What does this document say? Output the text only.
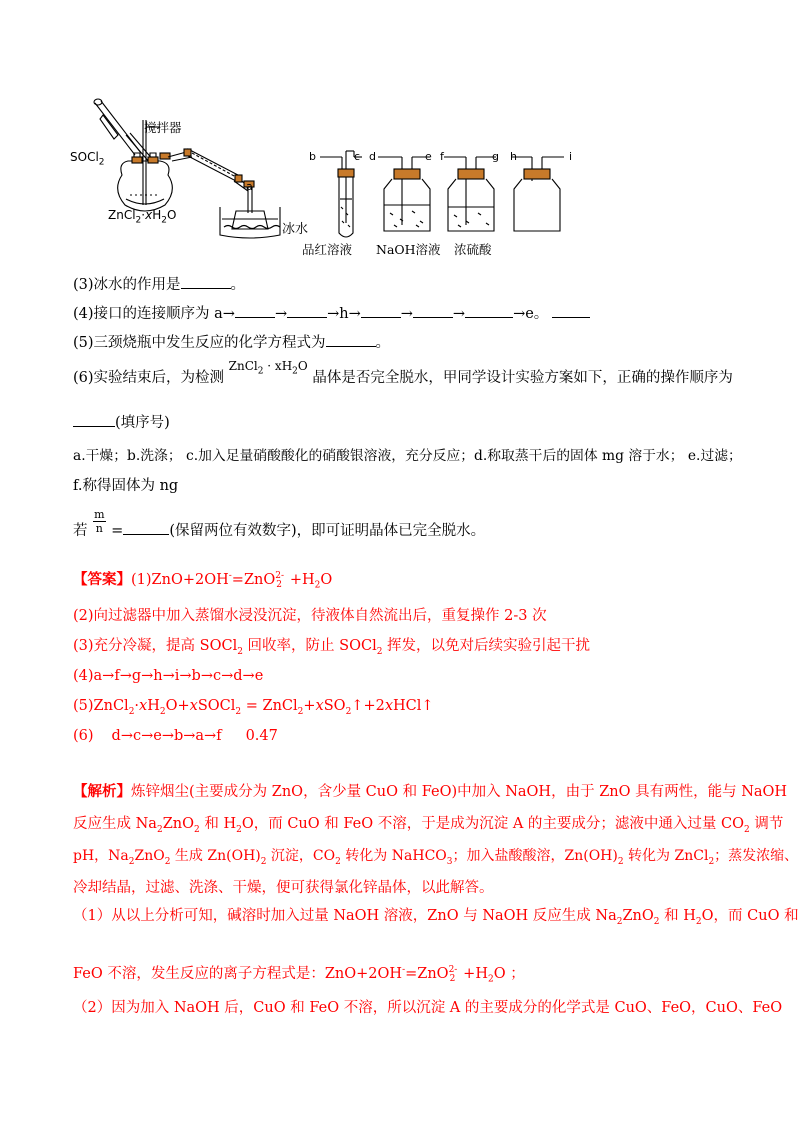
搅拌器
SOCl$_2$
$ZnCl_2\cdot xH_2O$
冰水
a
b	c d	e f	g h	i
品红溶液 NaOH溶液 浓硫酸
(3)冰水的作用是	。
(4)接口的连接顺序为 a→	→	→h→	→	→	→e。
(5)三颈烧瓶中发生反应的化学方程式为	。
(6)实验结束后，为检测 $^{ZnCl_2 \cdot xH_2O}$ 晶体是否完全脱水，甲同学设计实验方案如下，正确的操作顺序为
(填序号)
a.干燥；b.洗涤； c.加入足量硝酸酸化的硝酸银溶液，充分反应；d.称取蒸干后的固体 mg 溶于水； e.过滤；
f.称得固体为 ng
若 $\frac{m}{n}$ =	(保留两位有效数字)，即可证明晶体已完全脱水。
【答案】(1)ZnO+2OH-=ZnO 2-
$2 +H_2O$
(2)向过滤器中加入蒸馏水浸没沉淀，待液体自然流出后，重复操作 2-3 次
(3)充分冷凝，提高 SOCl$_2$ 回收率，防止 SOCl$_2$ 挥发，以免对后续实验引起干扰
(4)a→f→g→h→i→b→c→d→e
$(5)ZnCl_2\cdot xH_2O+xSOCl_2$ = ZnCl$_2$+xSO$_2$↑+2xHCl↑
(6) d→c→e→b→a→f 0.47
【解析】炼锌烟尘(主要成分为 ZnO，含少量 CuO 和 FeO)中加入 NaOH，由于 ZnO 具有两性，能与 NaOH
反应生成 $Na_2ZnO_2$ 和 $H_2O$，而 CuO 和 FeO 不溶，于是成为沉淀 A 的主要成分；滤液中通入过量 $CO_2$ 调节
pH，$Na_2ZnO_2$ 生成 $Zn(OH)_2$ 沉淀，$CO_2$ 转化为 NaHCO$_3$；加入盐酸酸溶，$Zn(OH)_2$ 转化为 ZnCl$_2$；蒸发浓缩、
冷却结晶，过滤、洗涤、干燥，便可获得氯化锌晶体，以此解答。
（1）从以上分析可知，碱溶时加入过量 NaOH 溶液，ZnO 与 NaOH 反应生成 $Na_2ZnO_2$ 和 $H_2O$，而 CuO 和
FeO 不溶，发生反应的离子方程式是：ZnO+2OH-=ZnO 2-
$2 +H_2O$ ；
（2）因为加入 NaOH 后，CuO 和 FeO 不溶，所以沉淀 A 的主要成分的化学式是 CuO、FeO，CuO、FeO
